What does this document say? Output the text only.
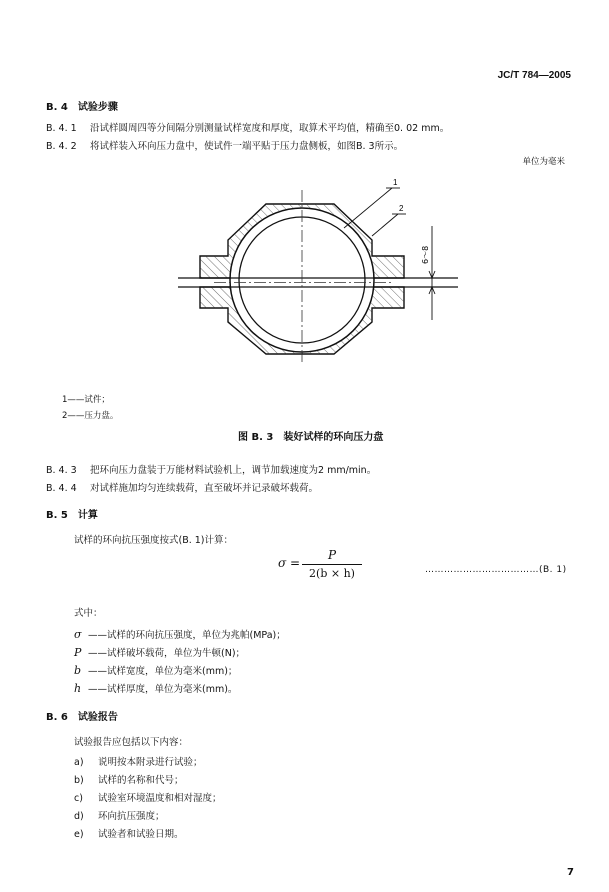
JC/T 784—2005
B. 4　试验步骤
B. 4. 1 沿试样圆周四等分间隔分别测量试样宽度和厚度，取算术平均值，精确至0. 02 mm。
B. 4. 2 将试样装入环向压力盘中，使试件一端平贴于压力盘侧板，如图B. 3所示。
单位为毫米
1
2
6～8
1——试件；
2——压力盘。
图 B. 3　装好试样的环向压力盘
B. 4. 3 把环向压力盘装于万能材料试验机上，调节加载速度为2 mm/min。
B. 4. 4 对试样施加均匀连续载荷，直至破坏并记录破坏载荷。
B. 5　计算
试样的环向抗压强度按式(B. 1)计算：
$\sigma = \frac{P}{2(b \times h)}$	………………………………(B. 1)
式中：
σ ——试样的环向抗压强度，单位为兆帕(MPa)；
P ——试样破坏载荷，单位为牛顿(N)；
b ——试样宽度，单位为毫米(mm)；
h ——试样厚度，单位为毫米(mm)。
B. 6　试验报告
试验报告应包括以下内容：
a) 说明按本附录进行试验；
b) 试样的名称和代号；
c) 试验室环境温度和相对湿度；
d) 环向抗压强度；
e) 试验者和试验日期。
7
